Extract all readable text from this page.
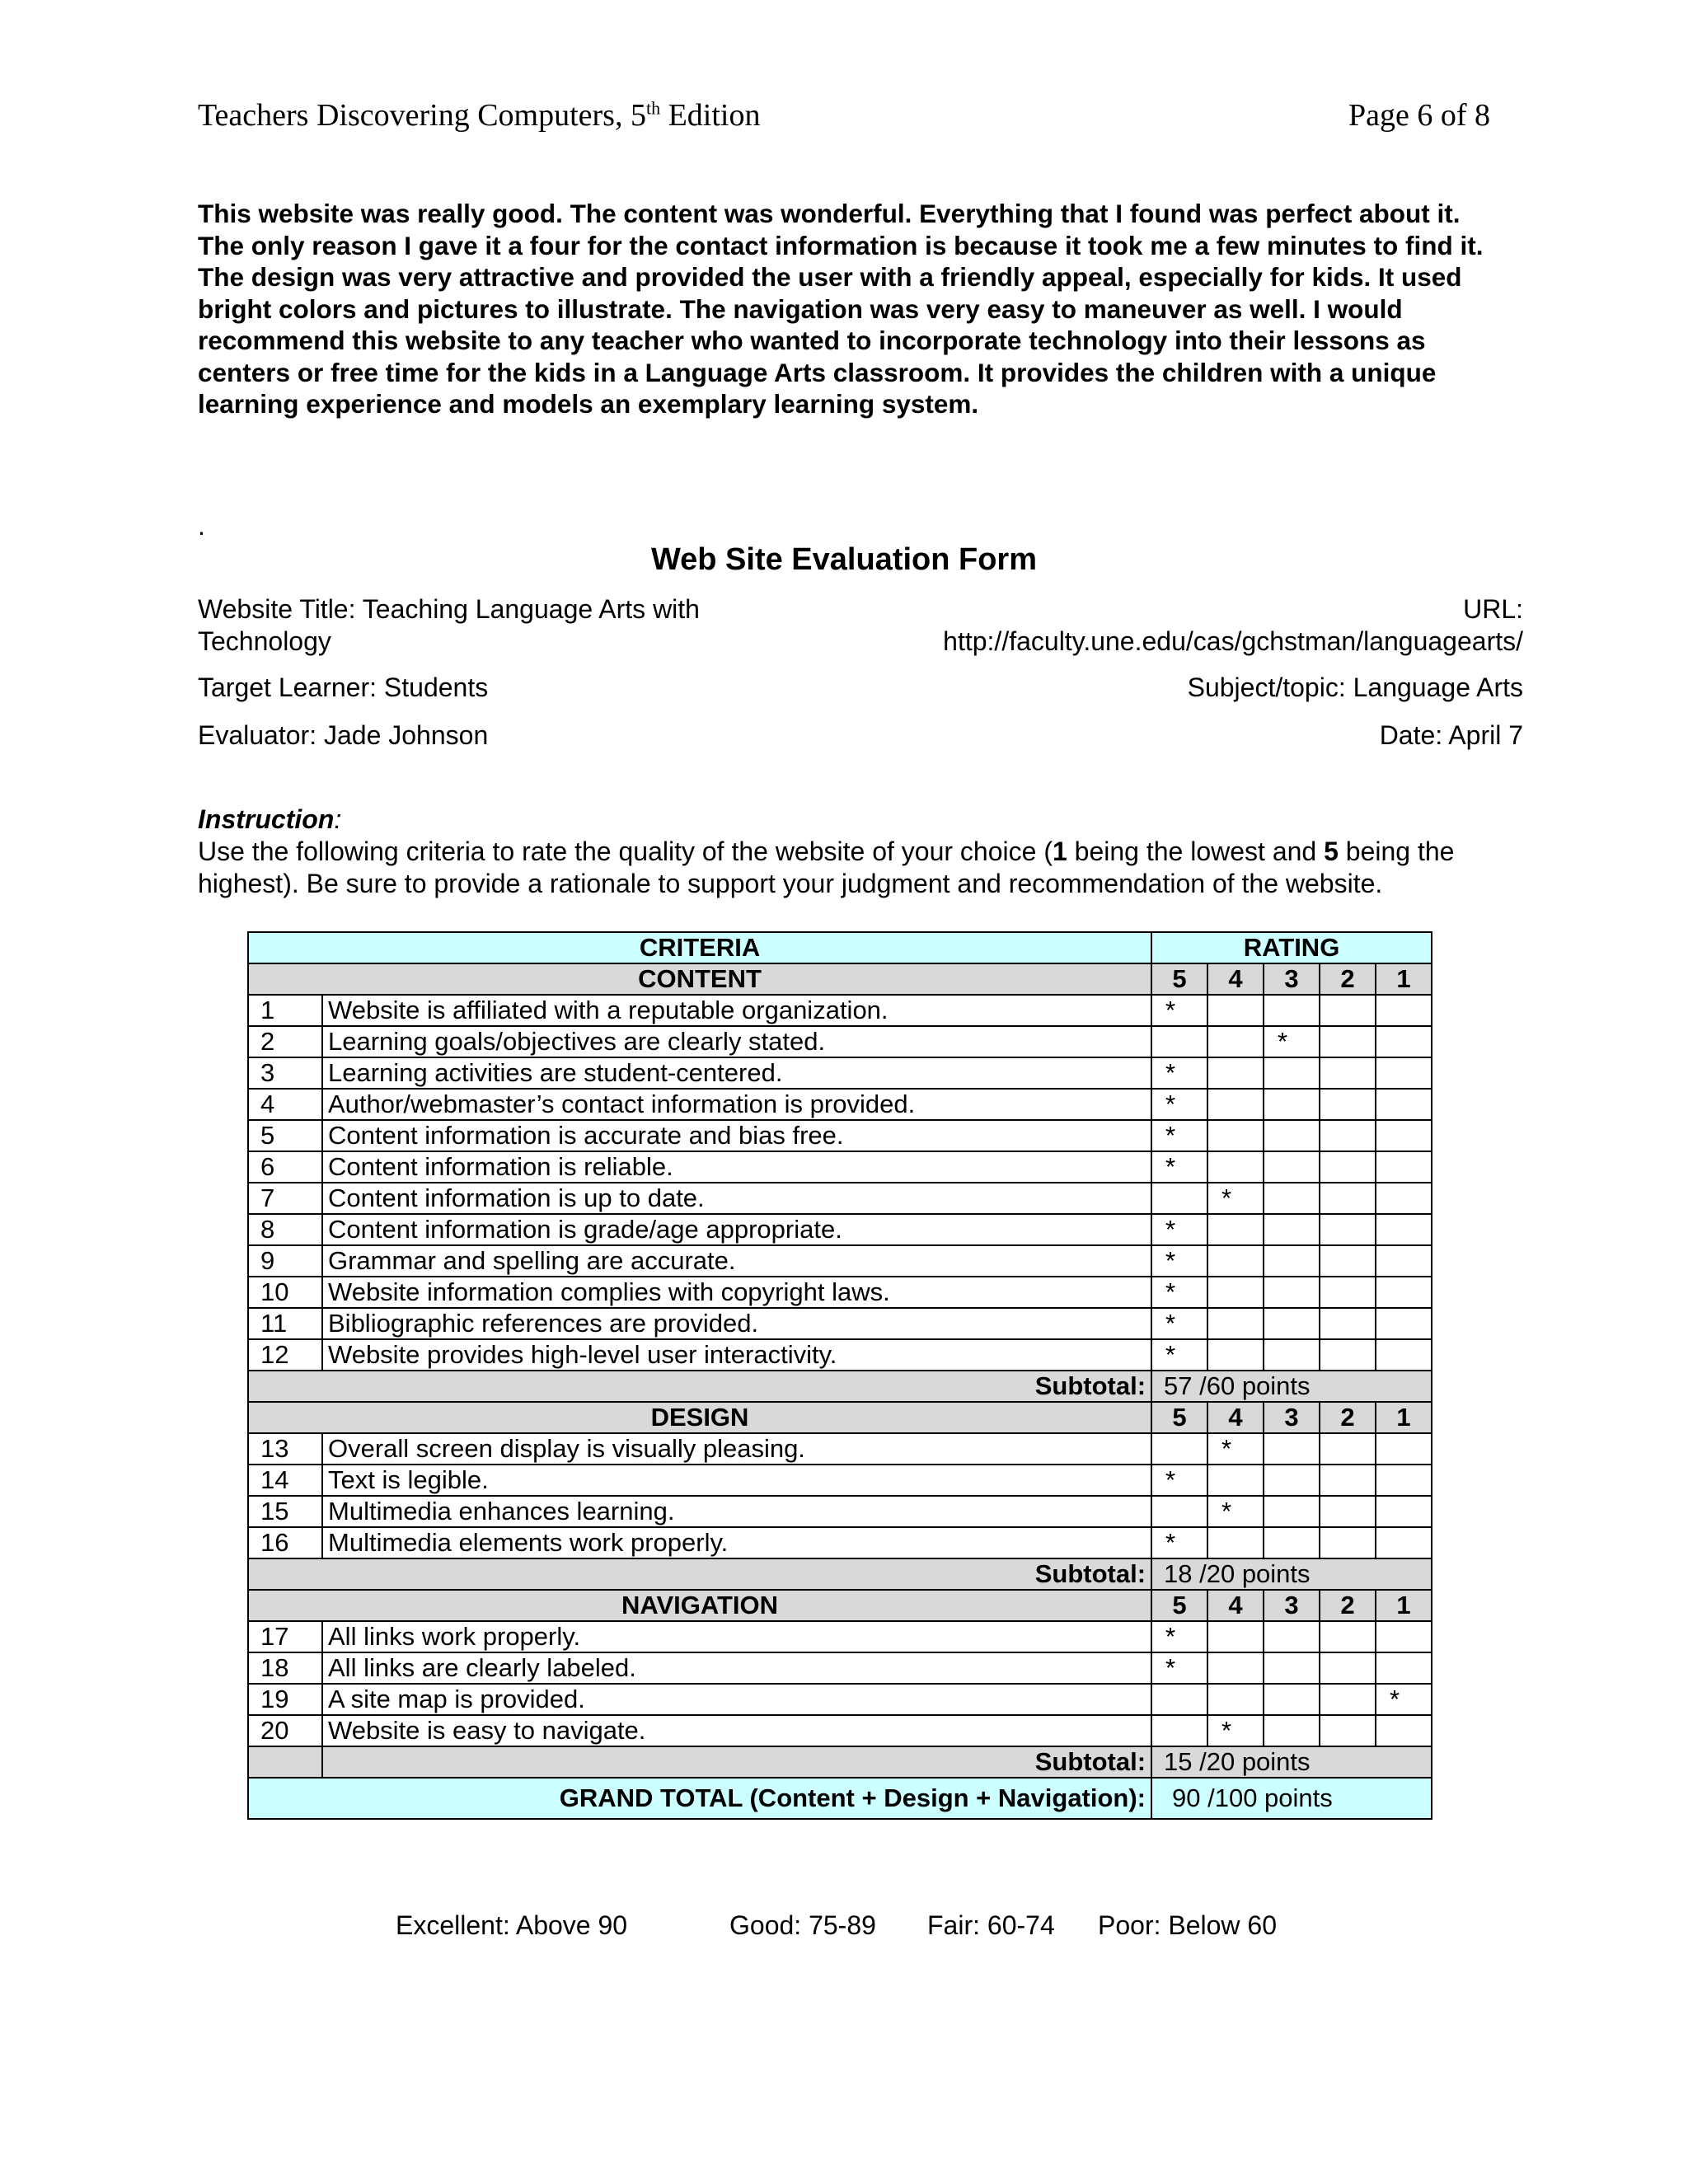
Teachers Discovering Computers, 5th Edition	Page 6 of 8

This website was really good. The content was wonderful. Everything that I found was perfect about it. The only reason I gave it a four for the contact information is because it took me a few minutes to find it. The design was very attractive and provided the user with a friendly appeal, especially for kids. It used bright colors and pictures to illustrate. The navigation was very easy to maneuver as well. I would recommend this website to any teacher who wanted to incorporate technology into their lessons as centers or free time for the kids in a Language Arts classroom. It provides the children with a unique learning experience and models an exemplary learning system.

.
Web Site Evaluation Form
Website Title: Teaching Language Arts with Technology
URL:
http://faculty.une.edu/cas/gchstman/languagearts/
Target Learner: Students	Subject/topic: Language Arts
Evaluator: Jade Johnson	Date: April 7
Instruction:
Use the following criteria to rate the quality of the website of your choice (1 being the lowest and 5 being the highest). Be sure to provide a rationale to support your judgment and recommendation of the website.
CRITERIA		RATING				
CONTENT		5	4	3	2	1
1	Website is affiliated with a reputable organization.	*				
2	Learning goals/objectives are clearly stated.			*		
3	Learning activities are student-centered.	*				
4	Author/webmaster’s contact information is provided.	*				
5	Content information is accurate and bias free.	*				
6	Content information is reliable.	*				
7	Content information is up to date.		*			
8	Content information is grade/age appropriate.	*				
9	Grammar and spelling are accurate.	*				
10	Website information complies with copyright laws.	*				
11	Bibliographic references are provided.	*				
12	Website provides high-level user interactivity.	*				
Subtotal:		57 /60 points				
DESIGN		5	4	3	2	1
13	Overall screen display is visually pleasing.		*			
14	Text is legible.	*				
15	Multimedia enhances learning.		*			
16	Multimedia elements work properly.	*				
Subtotal:		18 /20 points				
NAVIGATION		5	4	3	2	1
17	All links work properly.	*				
18	All links are clearly labeled.	*				
19	A site map is provided.					*
20	Website is easy to navigate.		*			
	Subtotal:	15 /20 points				
GRAND TOTAL (Content + Design + Navigation):		90 /100 points				
Excellent: Above 90	Good: 75-89 Fair: 60-74 Poor: Below 60
